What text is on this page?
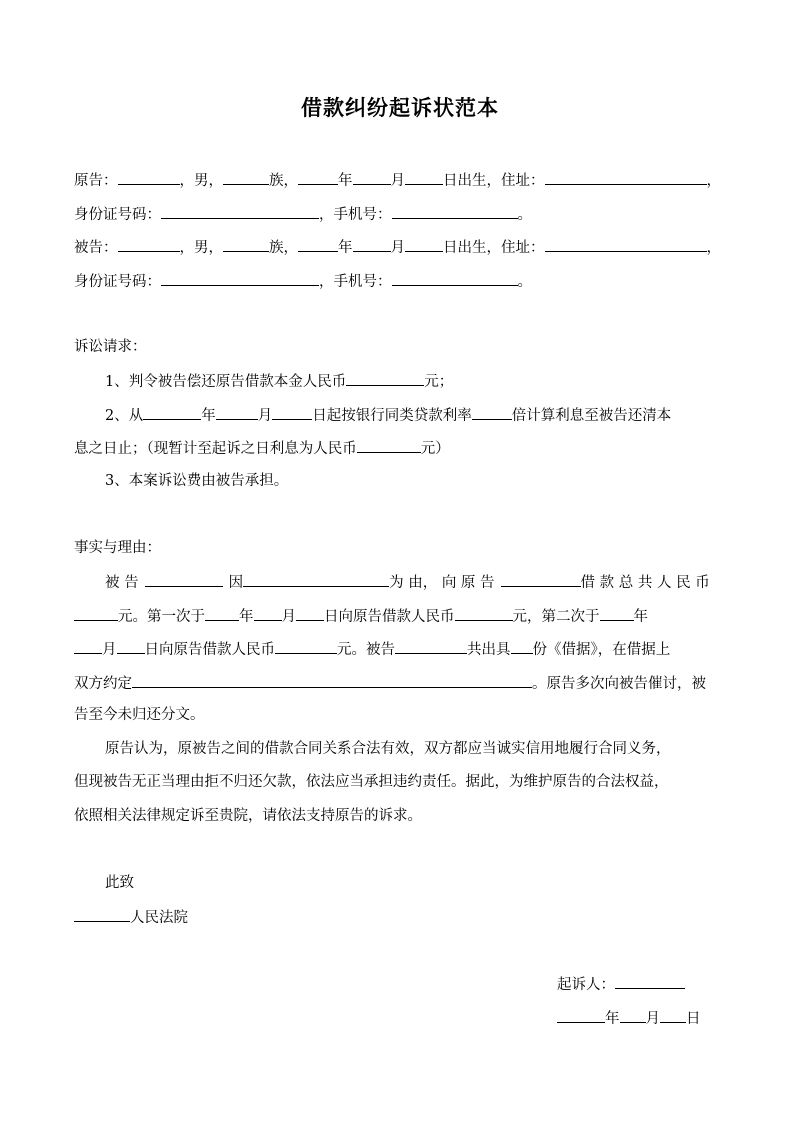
借款纠纷起诉状范本
原告：	，男，	族，	年	月	日出生，住址：	，
身份证号码：	，手机号：	。
被告：	，男，	族，	年	月	日出生，住址：	，
身份证号码：	，手机号：	。
诉讼请求：
1、判令被告偿还原告借款本金人民币	元；
2、从	年	月	日起按银行同类贷款利率	倍计算利息至被告还清本
息之日止；（现暂计至起诉之日利息为人民币	元）
3、本案诉讼费由被告承担。
事实与理由：
被 告	因	为 由， 向 原 告	借 款 总 共 人 民 币
元。第一次于 年 月 日向原告借款人民币	元，第二次于 年
月 日向原告借款人民币	元。被告	共出具 份《借据》，在借据上
双方约定	。原告多次向被告催讨，被
告至今未归还分文。
原告认为，原被告之间的借款合同关系合法有效，双方都应当诚实信用地履行合同义务，
但现被告无正当理由拒不归还欠款，依法应当承担违约责任。据此，为维护原告的合法权益，
依照相关法律规定诉至贵院，请依法支持原告的诉求。
此致
人民法院
起诉人：
年 月 日
